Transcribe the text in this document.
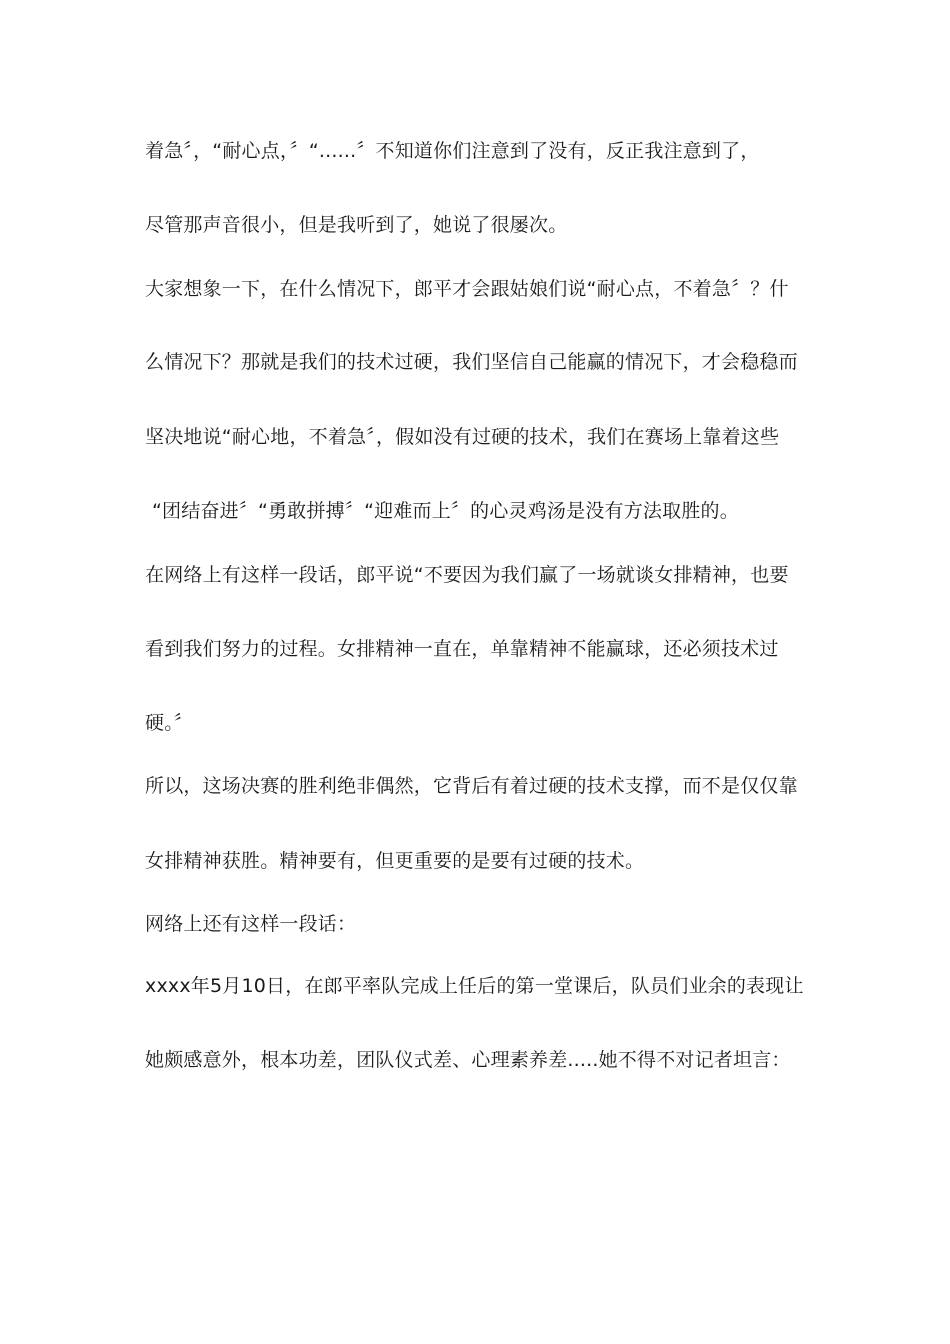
着急〞，“耐心点，〞“......〞不知道你们注意到了没有，反正我注意到了，
尽管那声音很小，但是我听到了，她说了很屡次。
大家想象一下，在什么情况下，郎平才会跟姑娘们说“耐心点，不着急〞？什
么情况下？那就是我们的技术过硬，我们坚信自己能赢的情况下，才会稳稳而
坚决地说“耐心地，不着急〞，假如没有过硬的技术，我们在赛场上靠着这些
“团结奋进〞“勇敢拼搏〞“迎难而上〞的心灵鸡汤是没有方法取胜的。
在网络上有这样一段话，郎平说“不要因为我们赢了一场就谈女排精神，也要
看到我们努力的过程。女排精神一直在，单靠精神不能赢球，还必须技术过
硬。〞
所以，这场决赛的胜利绝非偶然，它背后有着过硬的技术支撑，而不是仅仅靠
女排精神获胜。精神要有，但更重要的是要有过硬的技术。
网络上还有这样一段话：
xxxx年5月10日，在郎平率队完成上任后的第一堂课后，队员们业余的表现让
她颇感意外，根本功差，团队仪式差、心理素养差.....她不得不对记者坦言：
